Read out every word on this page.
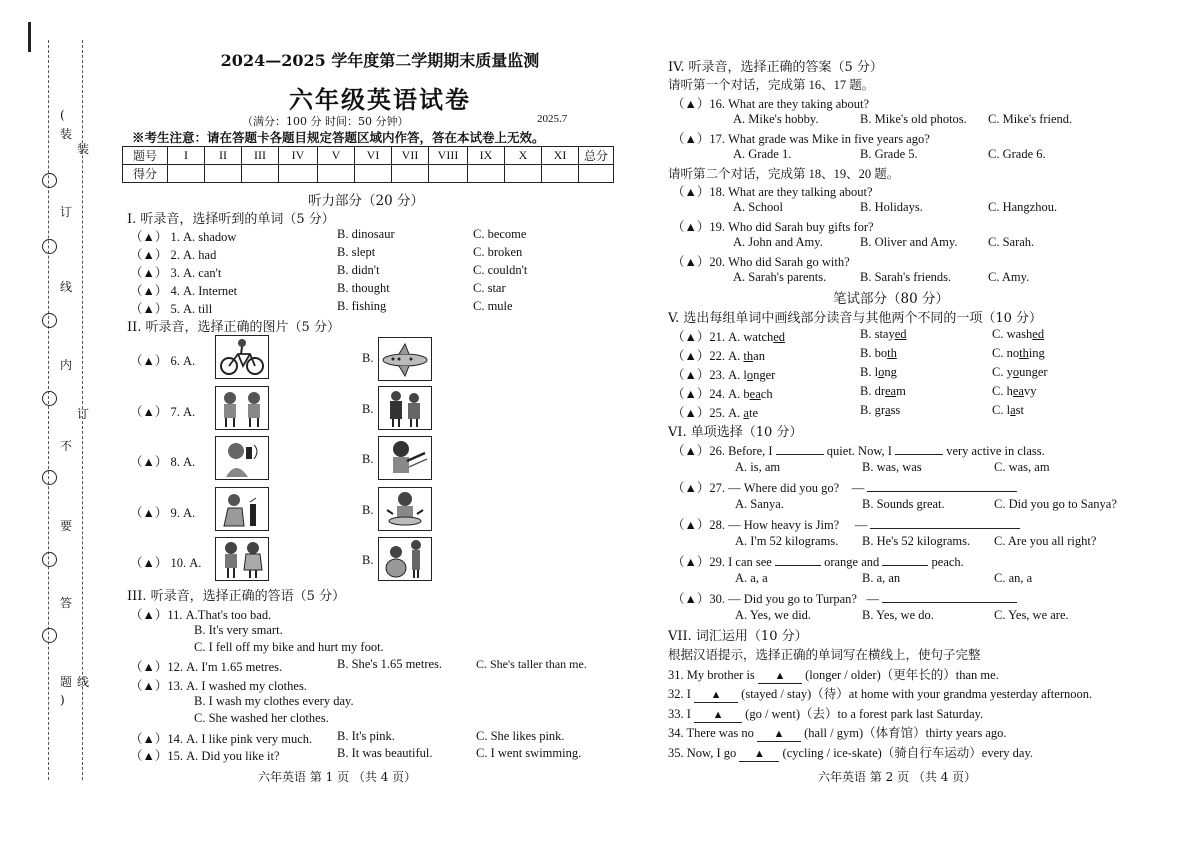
(
装
订
线
内
不
要
答
题
)
装
订
线
2024—2025 学年度第二学期期末质量监测
六年级英语试卷
（满分：100 分 时间：50 分钟）	2025.7
※考生注意：请在答题卡各题目规定答题区域内作答，答在本试卷上无效。
题号	I	II	III	IV	V	VI	VII	VIII	IX	X	XI	总分
得分												
听力部分（20 分）
I. 听录音，选择听到的单词（5 分）
（▲） 1. A. shadow	B. dinosaur	C. become
（▲） 2. A. had	B. slept	C. broken
（▲） 3. A. can't	B. didn't	C. couldn't
（▲） 4. A. Internet	B. thought	C. star
（▲） 5. A. till	B. fishing	C. mule
II. 听录音，选择正确的图片（5 分）
（▲） 6. A.	B.
（▲） 7. A.	B.
（▲） 8. A.	B.
（▲） 9. A.	B.
（▲） 10. A.	B.
III. 听录音，选择正确的答语（5 分）
（▲）11. A.That's too bad.
B. It's very smart.
C. I fell off my bike and hurt my foot.
（▲）12. A. I'm 1.65 metres.	B. She's 1.65 metres.	C. She's taller than me.
（▲）13. A. I washed my clothes.
B. I wash my clothes every day.
C. She washed her clothes.
（▲）14. A. I like pink very much. B. It's pink.	C. She likes pink.
（▲）15. A. Did you like it?	B. It was beautiful.	C. I went swimming.
六年英语 第 1 页 （共 4 页）
IV. 听录音，选择正确的答案（5 分）
请听第一个对话，完成第 16、17 题。
（▲）16. What are they taking about?
A. Mike's hobby.	B. Mike's old photos. C. Mike's friend.
（▲）17. What grade was Mike in five years ago?
A. Grade 1.	B. Grade 5.	C. Grade 6.
请听第二个对话，完成第 18、19、20 题。
（▲）18. What are they talking about?
A. School	B. Holidays.	C. Hangzhou.
（▲）19. Who did Sarah buy gifts for?
A. John and Amy.	B. Oliver and Amy. C. Sarah.
（▲）20. Who did Sarah go with?
A. Sarah's parents.	B. Sarah's friends.	C. Amy.
笔试部分（80 分）
V. 选出每组单词中画线部分读音与其他两个不同的一项（10 分）
（▲）21. A. watched	B. stayed	C. washed
（▲）22. A. than	B. both	C. nothing
（▲）23. A. longer	B. long	C. younger
（▲）24. A. beach	B. dream	C. heavy
（▲）25. A. ate	B. grass	C. last
VI. 单项选择（10 分）
（▲）26. Before, I	quiet. Now, I	very active in class.
A. is, am	B. was, was	C. was, am
（▲）27. — Where did you go? —
A. Sanya.	B. Sounds great.	C. Did you go to Sanya?
（▲）28. — How heavy is Jim? —
A. I'm 52 kilograms. B. He's 52 kilograms. C. Are you all right?
（▲）29. I can see	orange and	peach.
A. a, a	B. a, an	C. an, a
（▲）30. — Did you go to Turpan? —
A. Yes, we did.	B. Yes, we do.	C. Yes, we are.
VII. 词汇运用（10 分）
根据汉语提示，选择正确的单词写在横线上，使句子完整
31. My brother is ▲ (longer / older)（更年长的）than me.
32. I ▲ (stayed / stay)（待）at home with your grandma yesterday afternoon.
33. I ▲ (go / went)（去）to a forest park last Saturday.
34. There was no ▲ (hall / gym)（体育馆）thirty years ago.
35. Now, I go ▲ (cycling / ice-skate)（骑自行车运动）every day.
六年英语 第 2 页 （共 4 页）
